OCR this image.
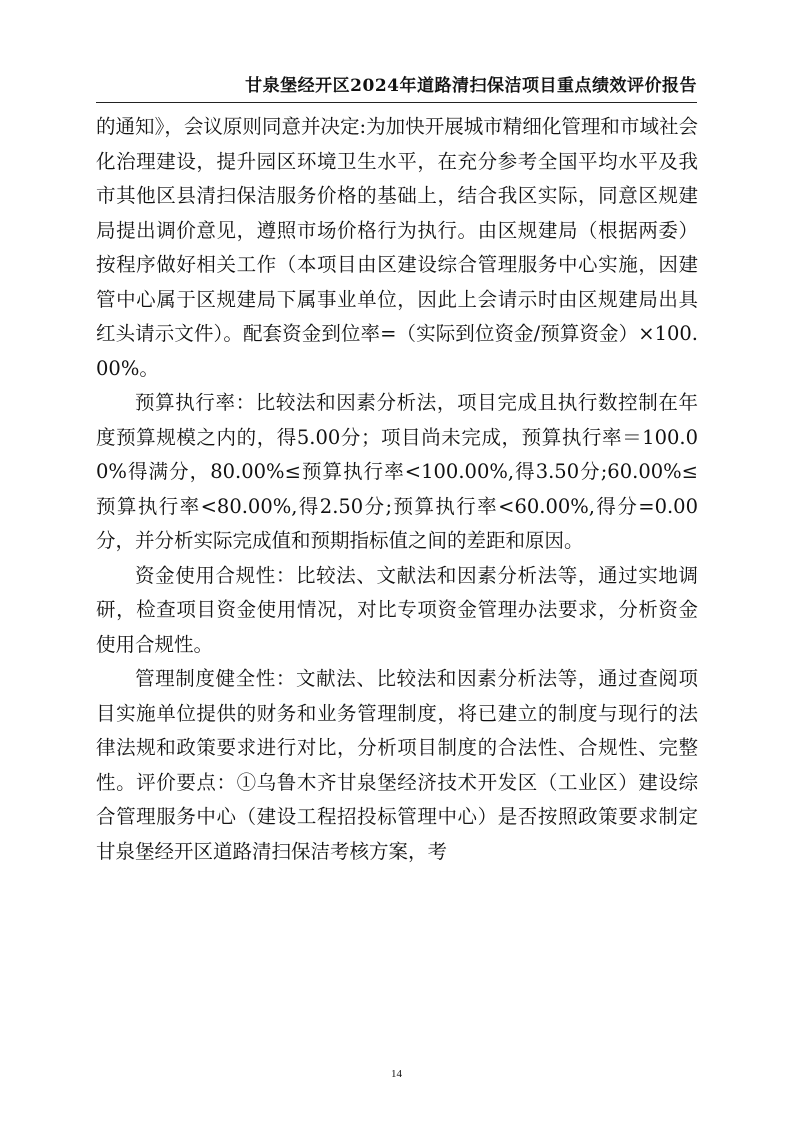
甘泉堡经开区2024年道路清扫保洁项目重点绩效评价报告

的通知》，会议原则同意并决定:为加快开展城市精细化管理和市域社会化治理建设，提升园区环境卫生水平，在充分参考全国平均水平及我市其他区县清扫保洁服务价格的基础上，结合我区实际，同意区规建局提出调价意见，遵照市场价格行为执行。由区规建局（根据两委）按程序做好相关工作（本项目由区建设综合管理服务中心实施，因建管中心属于区规建局下属事业单位，因此上会请示时由区规建局出具红头请示文件）。配套资金到位率=（实际到位资金/预算资金）×100.00%。

预算执行率：比较法和因素分析法，项目完成且执行数控制在年度预算规模之内的，得5.00分；项目尚未完成，预算执行率＝100.00%得满分，80.00%≤预算执行率<100.00%,得3.50分;60.00%≤预算执行率<80.00%,得2.50分;预算执行率<60.00%,得分=0.00分，并分析实际完成值和预期指标值之间的差距和原因。

资金使用合规性：比较法、文献法和因素分析法等，通过实地调研，检查项目资金使用情况，对比专项资金管理办法要求，分析资金使用合规性。

管理制度健全性：文献法、比较法和因素分析法等，通过查阅项目实施单位提供的财务和业务管理制度，将已建立的制度与现行的法律法规和政策要求进行对比，分析项目制度的合法性、合规性、完整性。评价要点：①乌鲁木齐甘泉堡经济技术开发区（工业区）建设综合管理服务中心（建设工程招投标管理中心）是否按照政策要求制定甘泉堡经开区道路清扫保洁考核方案，考

14
